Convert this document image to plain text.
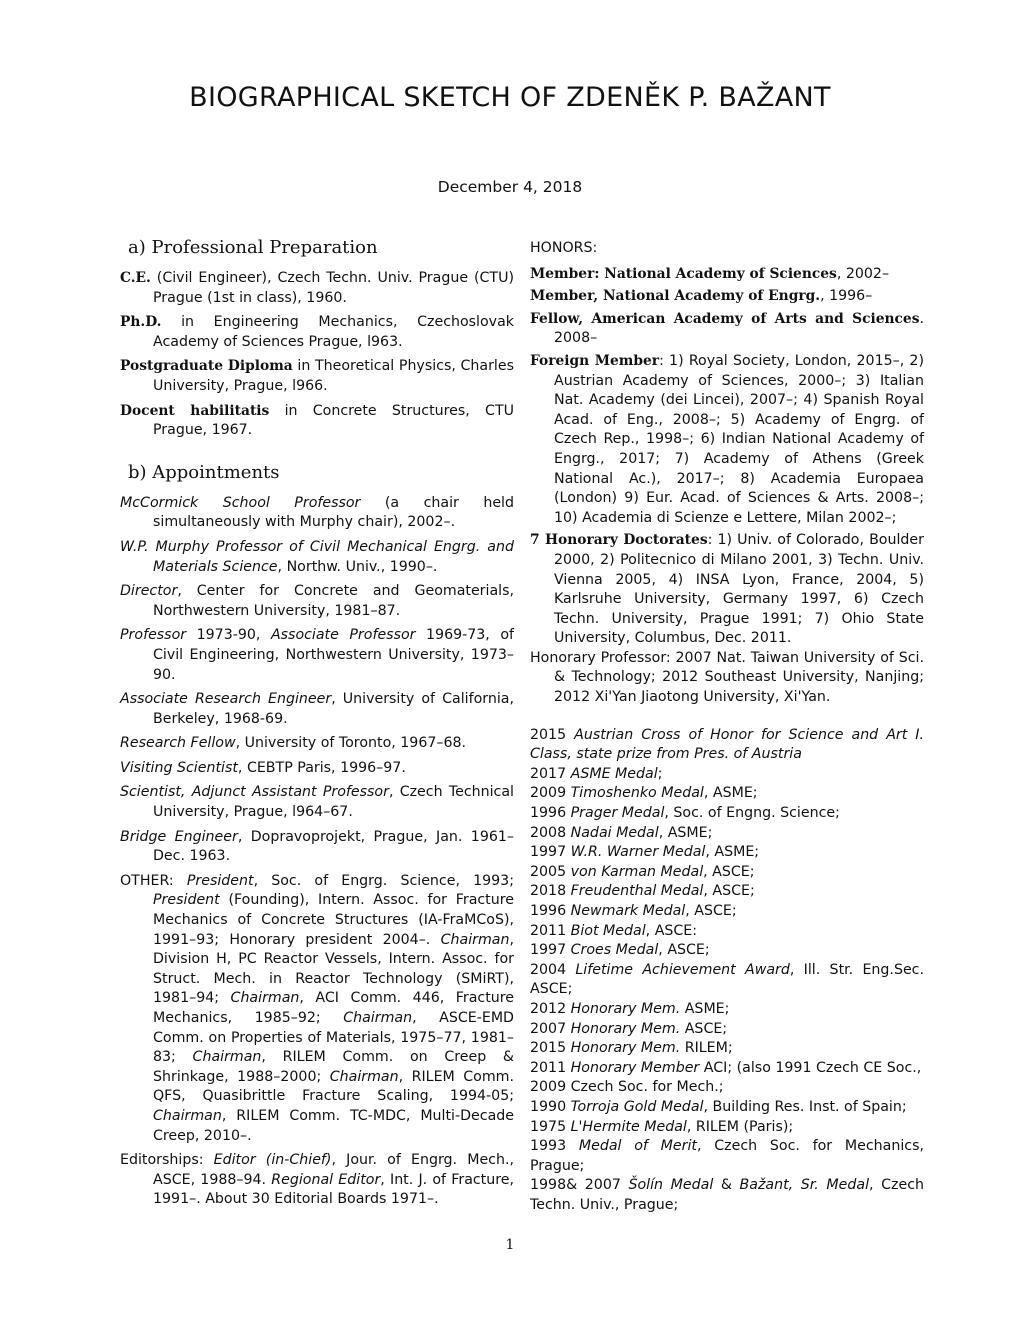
BIOGRAPHICAL SKETCH OF ZDENĚK P. BAŽANT
December 4, 2018
a) Professional Preparation
C.E. (Civil Engineer), Czech Techn. Univ. Prague (CTU) Prague (1st in class), 1960.
Ph.D. in Engineering Mechanics, Czechoslovak Academy of Sciences Prague, l963.
Postgraduate Diploma in Theoretical Physics, Charles University, Prague, l966.
Docent habilitatis in Concrete Structures, CTU Prague, 1967.
b) Appointments
McCormick School Professor (a chair held simultaneously with Murphy chair), 2002–.
W.P. Murphy Professor of Civil Mechanical Engrg. and Materials Science, Northw. Univ., 1990–.
Director, Center for Concrete and Geomaterials, Northwestern University, 1981–87.
Professor 1973-90, Associate Professor 1969-73, of Civil Engineering, Northwestern University, 1973–90.
Associate Research Engineer, University of California, Berkeley, 1968-69.
Research Fellow, University of Toronto, 1967–68.
Visiting Scientist, CEBTP Paris, 1996–97.
Scientist, Adjunct Assistant Professor, Czech Technical University, Prague, l964–67.
Bridge Engineer, Dopravoprojekt, Prague, Jan. 1961–Dec. 1963.
OTHER: President, Soc. of Engrg. Science, 1993; President (Founding), Intern. Assoc. for Fracture Mechanics of Concrete Structures (IA-FraMCoS), 1991–93; Honorary president 2004–. Chairman, Division H, PC Reactor Vessels, Intern. Assoc. for Struct. Mech. in Reactor Technology (SMiRT), 1981–94; Chairman, ACI Comm. 446, Fracture Mechanics, 1985–92; Chairman, ASCE-EMD Comm. on Properties of Materials, 1975–77, 1981–83; Chairman, RILEM Comm. on Creep & Shrinkage, 1988–2000; Chairman, RILEM Comm. QFS, Quasibrittle Fracture Scaling, 1994-05; Chairman, RILEM Comm. TC-MDC, Multi-Decade Creep, 2010–.
Editorships: Editor (in-Chief), Jour. of Engrg. Mech., ASCE, 1988–94. Regional Editor, Int. J. of Fracture, 1991–. About 30 Editorial Boards 1971–.
HONORS:
Member: National Academy of Sciences, 2002–
Member, National Academy of Engrg., 1996–
Fellow, American Academy of Arts and Sciences. 2008–
Foreign Member: 1) Royal Society, London, 2015–, 2) Austrian Academy of Sciences, 2000–; 3) Italian Nat. Academy (dei Lincei), 2007–; 4) Spanish Royal Acad. of Eng., 2008–; 5) Academy of Engrg. of Czech Rep., 1998–; 6) Indian National Academy of Engrg., 2017; 7) Academy of Athens (Greek National Ac.), 2017–; 8) Academia Europaea (London) 9) Eur. Acad. of Sciences & Arts. 2008–; 10) Academia di Scienze e Lettere, Milan 2002–;
7 Honorary Doctorates: 1) Univ. of Colorado, Boulder 2000, 2) Politecnico di Milano 2001, 3) Techn. Univ. Vienna 2005, 4) INSA Lyon, France, 2004, 5) Karlsruhe University, Germany 1997, 6) Czech Techn. University, Prague 1991; 7) Ohio State University, Columbus, Dec. 2011.
Honorary Professor: 2007 Nat. Taiwan University of Sci. & Technology; 2012 Southeast University, Nanjing; 2012 Xi'Yan Jiaotong University, Xi'Yan.
2015 Austrian Cross of Honor for Science and Art I. Class, state prize from Pres. of Austria
2017 ASME Medal;
2009 Timoshenko Medal, ASME;
1996 Prager Medal, Soc. of Engng. Science;
2008 Nadai Medal, ASME;
1997 W.R. Warner Medal, ASME;
2005 von Karman Medal, ASCE;
2018 Freudenthal Medal, ASCE;
1996 Newmark Medal, ASCE;
2011 Biot Medal, ASCE:
1997 Croes Medal, ASCE;
2004 Lifetime Achievement Award, Ill. Str. Eng.Sec. ASCE;
2012 Honorary Mem. ASME;
2007 Honorary Mem. ASCE;
2015 Honorary Mem. RILEM;
2011 Honorary Member ACI; (also 1991 Czech CE Soc.,
2009 Czech Soc. for Mech.;
1990 Torroja Gold Medal, Building Res. Inst. of Spain;
1975 L'Hermite Medal, RILEM (Paris);
1993 Medal of Merit, Czech Soc. for Mechanics, Prague;
1998& 2007 Šolín Medal & Bažant, Sr. Medal, Czech Techn. Univ., Prague;
1
